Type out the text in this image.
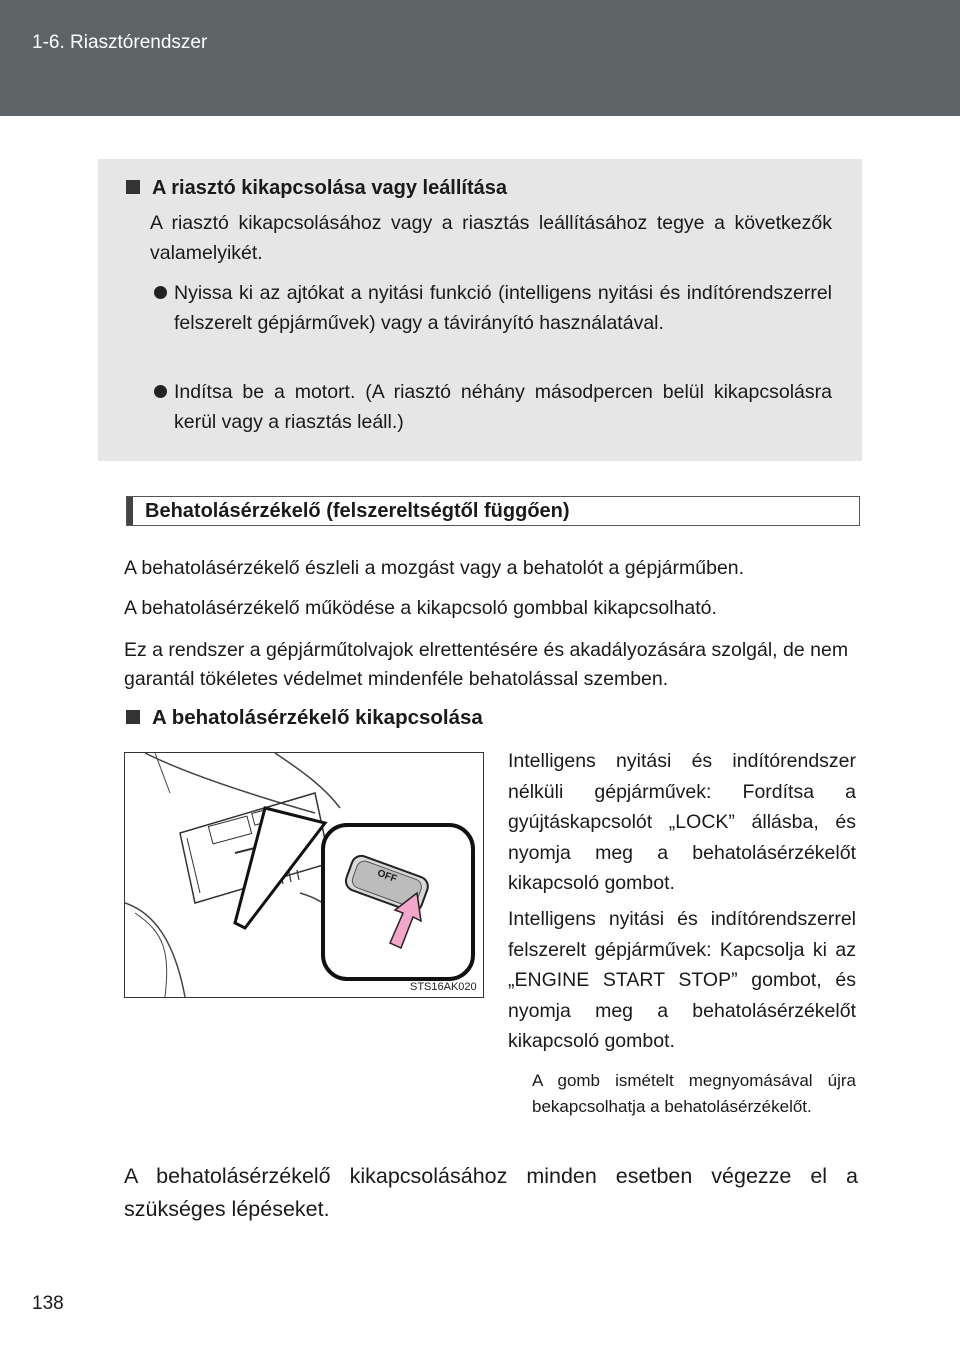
1-6. Riasztórendszer
A riasztó kikapcsolása vagy leállítása
A riasztó kikapcsolásához vagy a riasztás leállításához tegye a következők valamelyikét.
Nyissa ki az ajtókat a nyitási funkció (intelligens nyitási és indítórendszerrel felszerelt gépjárművek) vagy a távirányító használatával.
Indítsa be a motort. (A riasztó néhány másodpercen belül kikapcsolásra kerül vagy a riasztás leáll.)
Behatolásérzékelő (felszereltségtől függően)
A behatolásérzékelő észleli a mozgást vagy a behatolót a gépjárműben.
A behatolásérzékelő működése a kikapcsoló gombbal kikapcsolható.
Ez a rendszer a gépjárműtolvajok elrettentésére és akadályozására szolgál, de nem garantál tökéletes védelmet mindenféle behatolással szemben.
A behatolásérzékelő kikapcsolása
OFF
STS16AK020
Intelligens nyitási és indítórendszer nélküli gépjárművek: Fordítsa a gyújtáskapcsolót „LOCK” állásba, és nyomja meg a behatolásérzékelőt kikapcsoló gombot.
Intelligens nyitási és indítórendszerrel felszerelt gépjárművek: Kapcsolja ki az „ENGINE START STOP” gombot, és nyomja meg a behatolásérzékelőt kikapcsoló gombot.
A gomb ismételt megnyomásával újra bekapcsolhatja a behatolásérzékelőt.
A behatolásérzékelő kikapcsolásához minden esetben végezze el a szükséges lépéseket.
138
